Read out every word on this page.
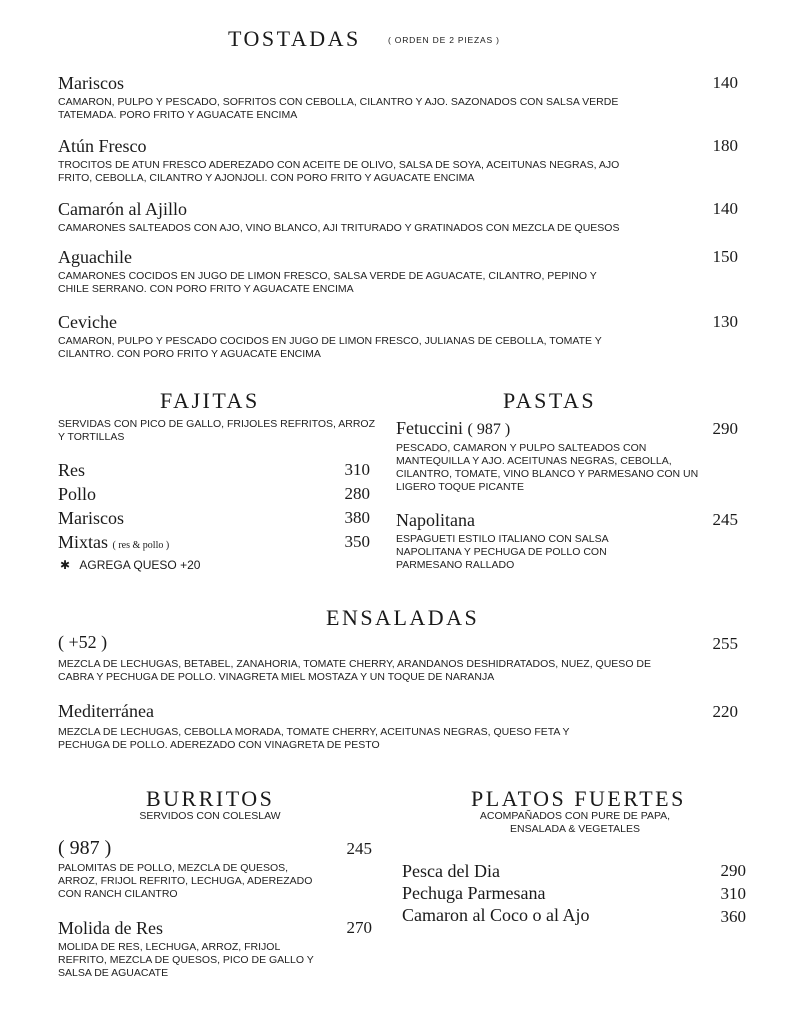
TOSTADAS	( ORDEN DE 2 PIEZAS )
Mariscos	140
CAMARON, PULPO Y PESCADO, SOFRITOS CON CEBOLLA, CILANTRO Y AJO. SAZONADOS CON SALSA VERDE TATEMADA. PORO FRITO Y AGUACATE ENCIMA
Atún Fresco	180
TROCITOS DE ATUN FRESCO ADEREZADO CON ACEITE DE OLIVO, SALSA DE SOYA, ACEITUNAS NEGRAS, AJO FRITO, CEBOLLA, CILANTRO Y AJONJOLI. CON PORO FRITO Y AGUACATE ENCIMA
Camarón al Ajillo	140
CAMARONES SALTEADOS CON AJO, VINO BLANCO, AJI TRITURADO Y GRATINADOS CON MEZCLA DE QUESOS
Aguachile	150
CAMARONES COCIDOS EN JUGO DE LIMON FRESCO, SALSA VERDE DE AGUACATE, CILANTRO, PEPINO Y CHILE SERRANO. CON PORO FRITO Y AGUACATE ENCIMA
Ceviche	130
CAMARON, PULPO Y PESCADO COCIDOS EN JUGO DE LIMON FRESCO, JULIANAS DE CEBOLLA, TOMATE Y CILANTRO. CON PORO FRITO Y AGUACATE ENCIMA
FAJITAS
SERVIDAS CON PICO DE GALLO, FRIJOLES REFRITOS, ARROZ Y TORTILLAS
Res	310
Pollo	280
Mariscos	380
Mixtas ( res & pollo )	350
✱ AGREGA QUESO +20
PASTAS
Fetuccini ( 987 )	290
PESCADO, CAMARON Y PULPO SALTEADOS CON MANTEQUILLA Y AJO. ACEITUNAS NEGRAS, CEBOLLA, CILANTRO, TOMATE, VINO BLANCO Y PARMESANO CON UN LIGERO TOQUE PICANTE
Napolitana	245
ESPAGUETI ESTILO ITALIANO CON SALSA NAPOLITANA Y PECHUGA DE POLLO CON PARMESANO RALLADO
ENSALADAS
( +52 )	255
MEZCLA DE LECHUGAS, BETABEL, ZANAHORIA, TOMATE CHERRY, ARANDANOS DESHIDRATADOS, NUEZ, QUESO DE CABRA Y PECHUGA DE POLLO. VINAGRETA MIEL MOSTAZA Y UN TOQUE DE NARANJA
Mediterránea	220
MEZCLA DE LECHUGAS, CEBOLLA MORADA, TOMATE CHERRY, ACEITUNAS NEGRAS, QUESO FETA Y PECHUGA DE POLLO. ADEREZADO CON VINAGRETA DE PESTO
BURRITOS
SERVIDOS CON COLESLAW
( 987 )	245
PALOMITAS DE POLLO, MEZCLA DE QUESOS, ARROZ, FRIJOL REFRITO, LECHUGA, ADEREZADO CON RANCH CILANTRO
Molida de Res	270
MOLIDA DE RES, LECHUGA, ARROZ, FRIJOL REFRITO, MEZCLA DE QUESOS, PICO DE GALLO Y SALSA DE AGUACATE
PLATOS FUERTES
ACOMPAÑADOS CON PURE DE PAPA, ENSALADA & VEGETALES
Pesca del Dia	290
Pechuga Parmesana	310
Camaron al Coco o al Ajo	360
